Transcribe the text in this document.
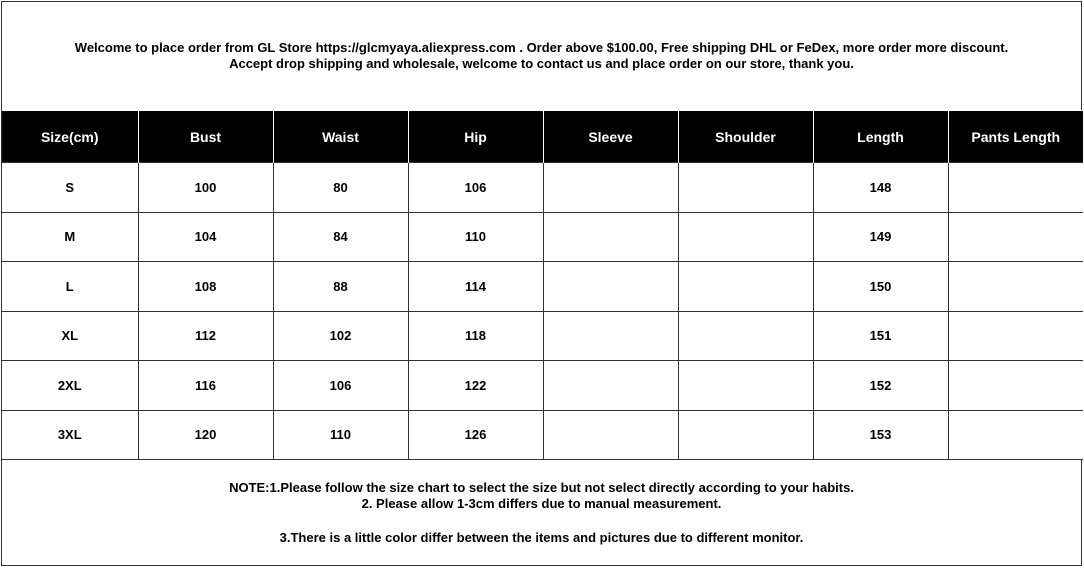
Welcome to place order from GL Store https://glcmyaya.aliexpress.com . Order above $100.00, Free shipping DHL or FeDex, more order more discount.
Accept drop shipping and wholesale, welcome to contact us and place order on our store, thank you.
Size(cm)	Bust	Waist	Hip	Sleeve	Shoulder	Length	Pants Length
S	100	80	106			148	
M	104	84	110			149	
L	108	88	114			150	
XL	112	102	118			151	
2XL	116	106	122			152	
3XL	120	110	126			153	
NOTE:1.Please follow the size chart to select the size but not select directly according to your habits.
2. Please allow 1-3cm differs due to manual measurement.
3.There is a little color differ between the items and pictures due to different monitor.
